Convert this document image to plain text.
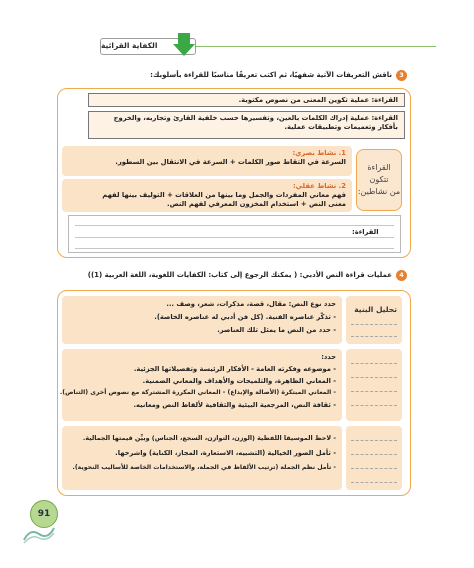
الكفاية القرائية
3
ناقش التعريفات الآتية شفهيًا، ثم اكتب تعريفًا مناسبًا للقراءة بأسلوبك:
القراءة: عملية تكوين المعنى من نصوص مكتوبة.
القراءة: عملية إدراك الكلمات بالعين، وتفسيرها حسب خلفية القارئ وتجاربه، والخروج
بأفكار وتعميمات وتطبيقات عملية.
القراءة تتكون
من نشاطين:
1. نشاط بصري:
السرعة في التقاط صور الكلمات + السرعة في الانتقال بين السطور.
2. نشاط عقلي:
فهم معاني المفردات والجمل وما بينها من العلاقات + التوليف بينها لفهم
معنى النص + استخدام المخزون المعرفي لفهم النص.
القراءة:
4
عمليات قراءة النص الأدبي: ( يمكنك الرجوع إلى كتاب: الكفايات اللغوية، اللغة العربية (1))
تحليل البنية
حدد نوع النص: مقال، قصة، مذكرات، شعر، وصف ...
- تذكّر عناصره الفنية. (كل فن أدبي له عناصره الخاصة).
- حدد من النص ما يمثل تلك العناصر.
حدد:
- موضوعه وفكرته العامة - الأفكار الرئيسة وتفصيلاتها الجزئية.
- المعاني الظاهرة، والتلميحات والأهداف والمعاني الضمنية.
- المعاني المبتكرة (الأصالة والإبداع) - المعاني المكررة المشتركة مع نصوص أخرى (التناص).
- ثقافة النص، المرجعية البيئية والثقافية لألفاظ النص ومعانيه.
- لاحظ الموسيقا اللفظية (الوزن، التوازن، السجع، الجناس) وبيِّن قيمتها الجمالية.
- تأمل الصور الخيالية (التشبيه، الاستعارة، المجاز، الكناية) واشرحها.
- تأمل نظم الجملة (ترتيب الألفاظ في الجملة، والاستخدامات الخاصة للأساليب النحوية).
91
